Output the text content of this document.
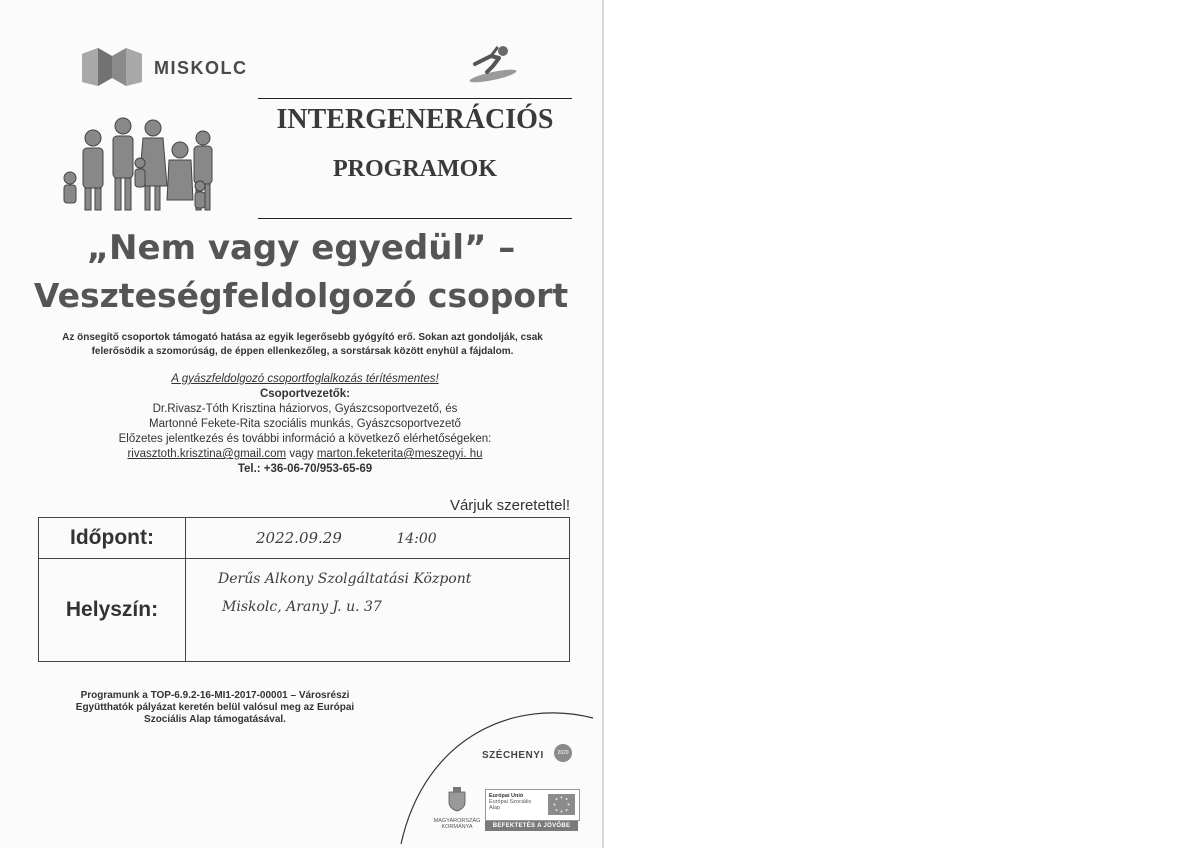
MISKOLC
INTERGENERÁCIÓS
PROGRAMOK
„Nem vagy egyedül” –
Veszteségfeldolgozó csoport
Az önsegítő csoportok támogató hatása az egyik legerősebb gyógyító erő. Sokan azt gondolják, csak
felerősödik a szomorúság, de éppen ellenkezőleg, a sorstársak között enyhül a fájdalom.
A gyászfeldolgozó csoportfoglalkozás térítésmentes!
Csoportvezetők:
Dr.Rivasz-Tóth Krisztina háziorvos, Gyászcsoportvezető, és
Martonné Fekete-Rita szociális munkás, Gyászcsoportvezető
Előzetes jelentkezés és további információ a következő elérhetőségeken:
rivasztoth.krisztina@gmail.com vagy marton.feketerita@meszegyi. hu
Tel.: +36-06-70/953-65-69
Várjuk szeretettel!
Időpont:	2022.09.29 14:00
Helyszín:	Derűs Alkony Szolgáltatási Központ
Miskolc, Arany J. u. 37
Programunk a TOP-6.9.2-16-MI1-2017-00001 – Városrészi
Együtthatók pályázat keretén belül valósul meg az Európai
Szociális Alap támogatásával.
SZÉCHENYI	2020
MAGYARORSZÁG
KORMÁNYA
Európai Unió
Európai Szociális
Alap
BEFEKTETÉS A JÖVŐBE
